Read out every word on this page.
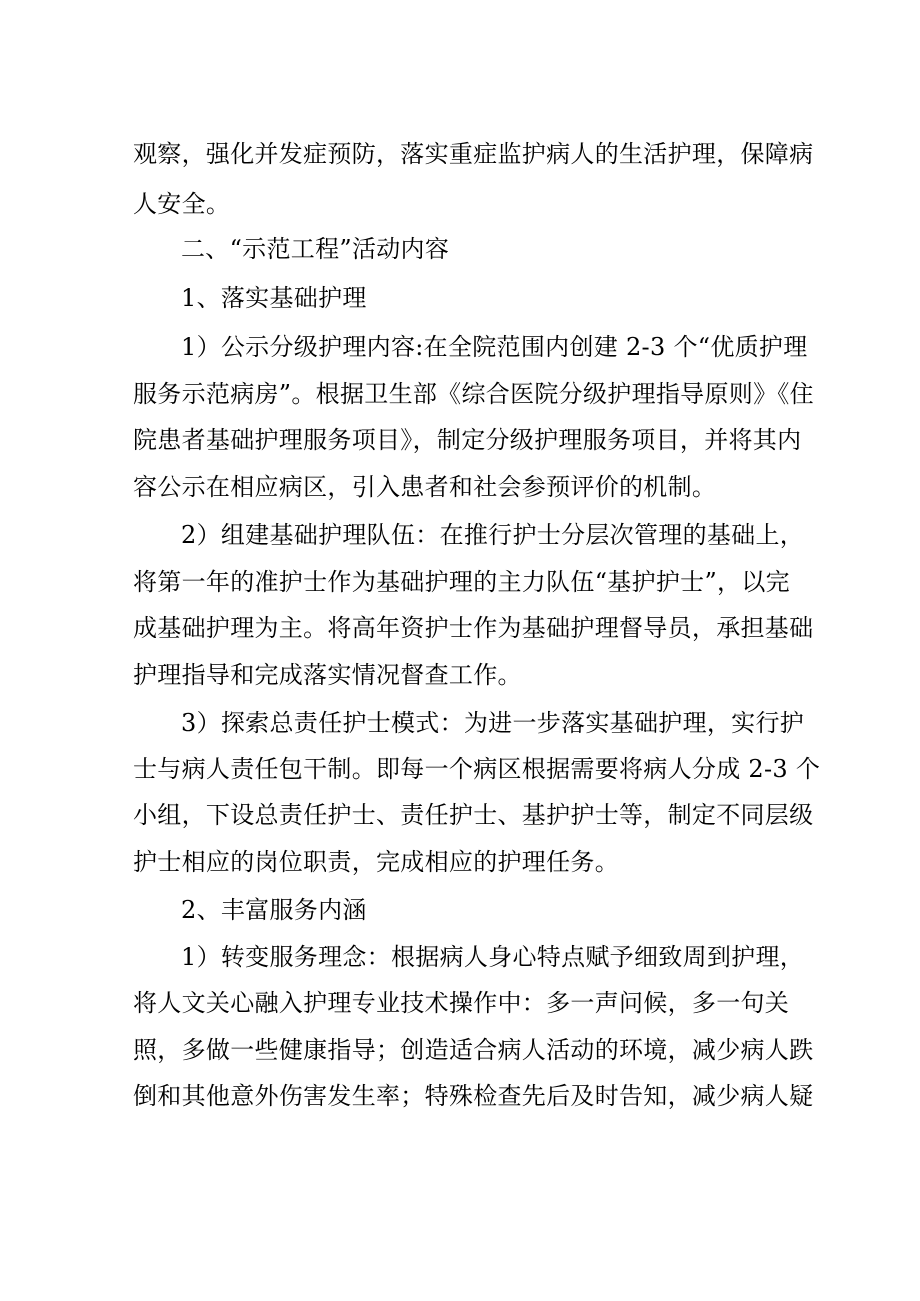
观察，强化并发症预防，落实重症监护病人的生活护理，保障病
人安全。
二、“示范工程”活动内容
1、落实基础护理
1）公示分级护理内容:在全院范围内创建 2-3 个“优质护理
服务示范病房”。根据卫生部《综合医院分级护理指导原则》《住
院患者基础护理服务项目》，制定分级护理服务项目，并将其内
容公示在相应病区，引入患者和社会参预评价的机制。
2）组建基础护理队伍：在推行护士分层次管理的基础上，
将第一年的准护士作为基础护理的主力队伍“基护护士”，以完
成基础护理为主。将高年资护士作为基础护理督导员，承担基础
护理指导和完成落实情况督查工作。
3）探索总责任护士模式：为进一步落实基础护理，实行护
士与病人责任包干制。即每一个病区根据需要将病人分成 2-3 个
小组，下设总责任护士、责任护士、基护护士等，制定不同层级
护士相应的岗位职责，完成相应的护理任务。
2、丰富服务内涵
1）转变服务理念：根据病人身心特点赋予细致周到护理，
将人文关心融入护理专业技术操作中：多一声问候，多一句关
照，多做一些健康指导；创造适合病人活动的环境，减少病人跌
倒和其他意外伤害发生率；特殊检查先后及时告知，减少病人疑
